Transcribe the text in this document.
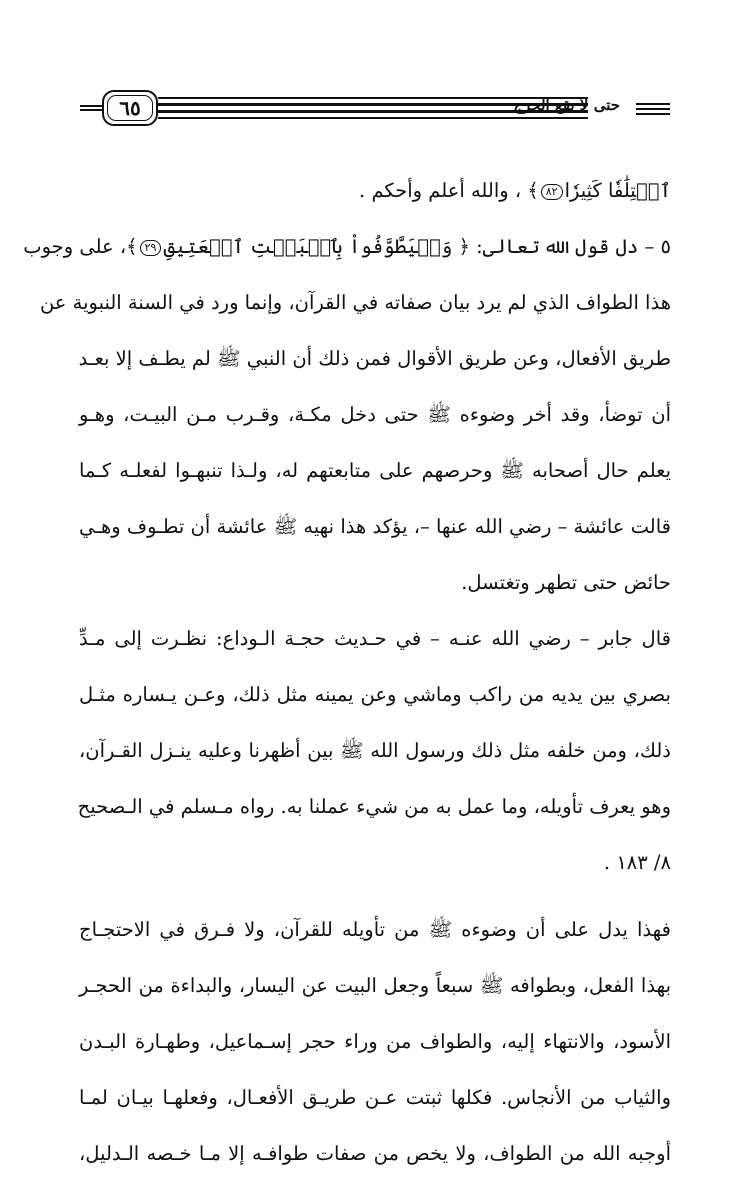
٦٥	حتى لا يقع الحرج
ٱخۡتِلَٰفٗا كَثِيرٗا٨٢﴾ ، والله أعلم وأحكم .
٥ – دل قول الله تعالى: ﴿ وَلۡيَطَّوَّفُواْ بِٱلۡبَيۡتِ ٱلۡعَتِيقِ٢٩﴾، على وجوب
هذا الطواف الذي لم يرد بيان صفاته في القرآن، وإنما ورد في السنة النبوية عن
طريق الأفعال، وعن طريق الأقوال فمن ذلك أن النبي ﷺ لم يطـف إلا بعـد
أن توضأ، وقد أخر وضوءه ﷺ حتى دخل مكـة، وقـرب مـن البيـت، وهـو
يعلم حال أصحابه ﷺ وحرصهم على متابعتهم له، ولـذا تنبهـوا لفعلـه كـما
قالت عائشة – رضي الله عنها –، يؤكد هذا نهيه ﷺ عائشة أن تطـوف وهـي
حائض حتى تطهر وتغتسل.
قال جابر – رضي الله عنـه – في حـديث حجـة الـوداع: نظـرت إلى مـدِّ
بصري بين يديه من راكب وماشي وعن يمينه مثل ذلك، وعـن يـساره مثـل
ذلك، ومن خلفه مثل ذلك ورسول الله ﷺ بين أظهرنا وعليه ينـزل القـرآن،
وهو يعرف تأويله، وما عمل به من شيء عملنا به. رواه مـسلم في الـصحيح
٨/ ١٨٣ .
فهذا يدل على أن وضوءه ﷺ من تأويله للقرآن، ولا فـرق في الاحتجـاج
بهذا الفعل، وبطوافه ﷺ سبعاً وجعل البيت عن اليسار، والبداءة من الحجـر
الأسود، والانتهاء إليه، والطواف من وراء حجر إسـماعيل، وطهـارة البـدن
والثياب من الأنجاس. فكلها ثبتت عـن طريـق الأفعـال، وفعلهـا بيـان لمـا
أوجبه الله من الطواف، ولا يخص من صفات طوافـه إلا مـا خـصه الـدليل،
